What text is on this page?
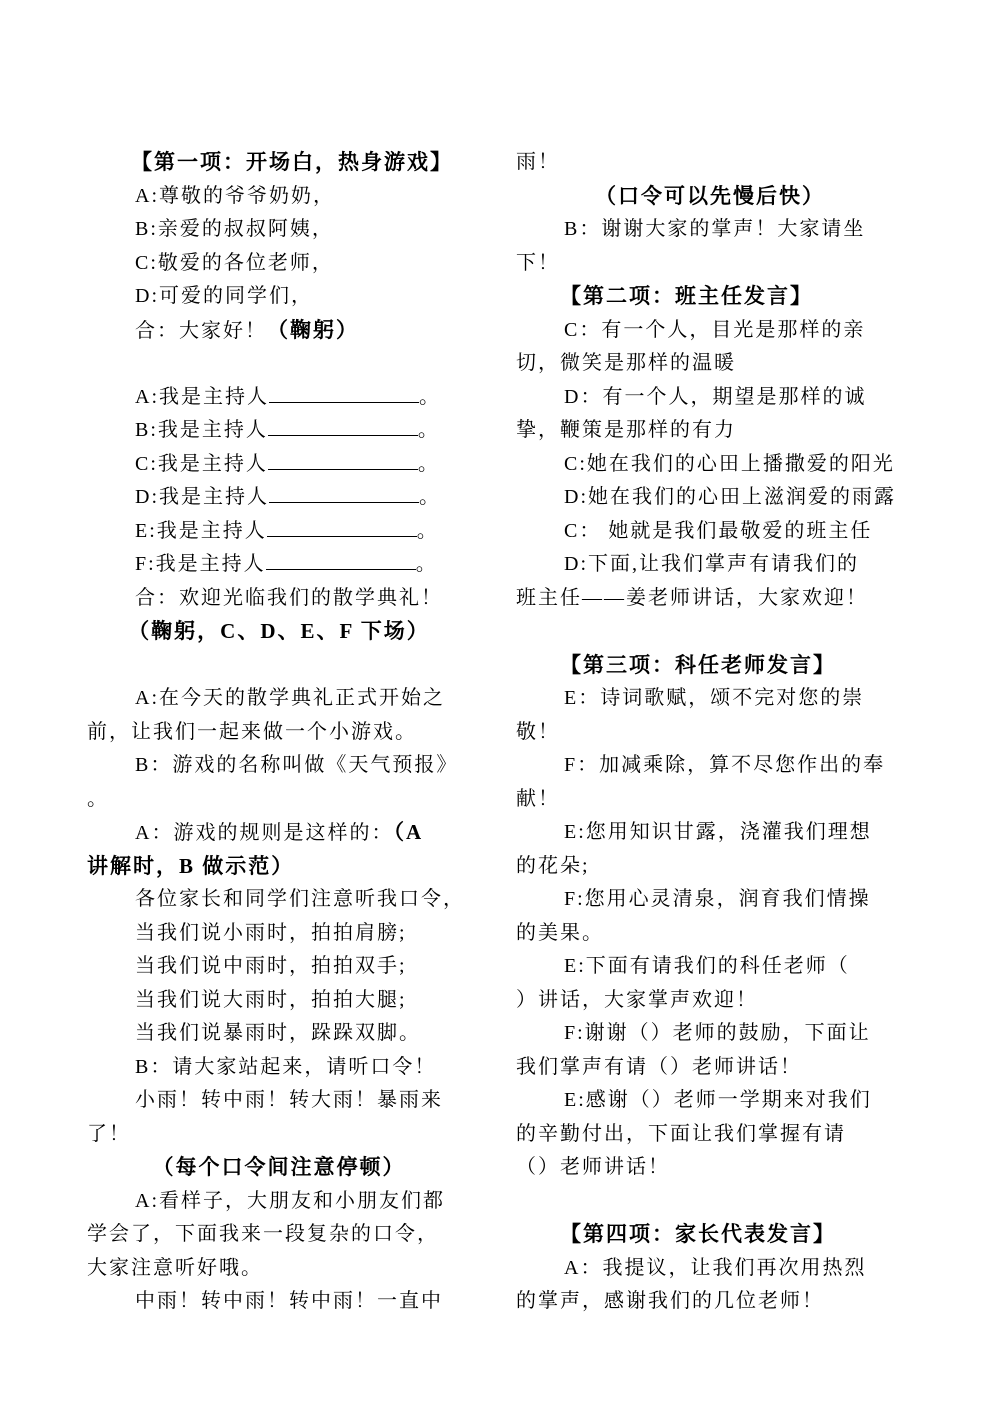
【第一项：开场白，热身游戏】
A:尊敬的爷爷奶奶，
B:亲爱的叔叔阿姨，
C:敬爱的各位老师，
D:可爱的同学们，
合：大家好！（鞠躬）

A:我是主持人	。
B:我是主持人	。
C:我是主持人	。
D:我是主持人	。
E:我是主持人	。
F:我是主持人	。
合：欢迎光临我们的散学典礼！
（鞠躬，C、D、E、F 下场）

A:在今天的散学典礼正式开始之
前，让我们一起来做一个小游戏。
B：游戏的名称叫做《天气预报》
。
A：游戏的规则是这样的：（A
讲解时，B 做示范）
各位家长和同学们注意听我口令，
当我们说小雨时，拍拍肩膀;
当我们说中雨时，拍拍双手;
当我们说大雨时，拍拍大腿;
当我们说暴雨时，跺跺双脚。
B：请大家站起来，请听口令！
小雨！转中雨！转大雨！暴雨来
了！
（每个口令间注意停顿）
A:看样子，大朋友和小朋友们都
学会了，下面我来一段复杂的口令，
大家注意听好哦。
中雨！转中雨！转中雨！一直中
雨！
（口令可以先慢后快）
B：谢谢大家的掌声！大家请坐
下！
【第二项：班主任发言】
C：有一个人，目光是那样的亲
切，微笑是那样的温暖
D：有一个人，期望是那样的诚
挚，鞭策是那样的有力
C:她在我们的心田上播撒爱的阳光
D:她在我们的心田上滋润爱的雨露
C： 她就是我们最敬爱的班主任
D:下面,让我们掌声有请我们的
班主任——姜老师讲话，大家欢迎！

【第三项：科任老师发言】
E：诗词歌赋，颂不完对您的崇
敬！
F：加减乘除，算不尽您作出的奉
献！
E:您用知识甘露，浇灌我们理想
的花朵;
F:您用心灵清泉，润育我们情操
的美果。
E:下面有请我们的科任老师（
）讲话，大家掌声欢迎！
F:谢谢（）老师的鼓励，下面让
我们掌声有请（）老师讲话！
E:感谢（）老师一学期来对我们
的辛勤付出，下面让我们掌握有请
（）老师讲话！

【第四项：家长代表发言】
A：我提议，让我们再次用热烈
的掌声，感谢我们的几位老师！
